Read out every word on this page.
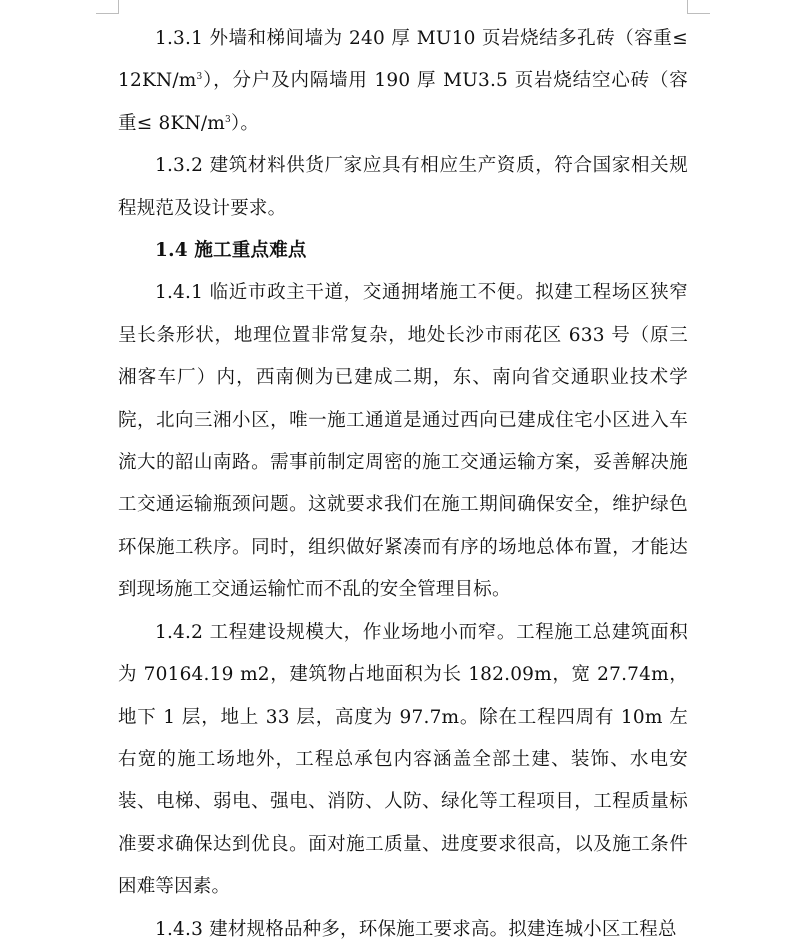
1.3.1 外墙和梯间墙为 240 厚 MU10 页岩烧结多孔砖（容重≤ $12KN/m^3$），分户及内隔墙用 190 厚 MU3.5 页岩烧结空心砖（容重≤ $8KN/m^3$）。

1.3.2 建筑材料供货厂家应具有相应生产资质，符合国家相关规程规范及设计要求。

1.4 施工重点难点

1.4.1 临近市政主干道，交通拥堵施工不便。拟建工程场区狭窄呈长条形状，地理位置非常复杂，地处长沙市雨花区 633 号（原三湘客车厂）内，西南侧为已建成二期，东、南向省交通职业技术学院，北向三湘小区，唯一施工通道是通过西向已建成住宅小区进入车流大的韶山南路。需事前制定周密的施工交通运输方案，妥善解决施工交通运输瓶颈问题。这就要求我们在施工期间确保安全，维护绿色环保施工秩序。同时，组织做好紧凑而有序的场地总体布置，才能达到现场施工交通运输忙而不乱的安全管理目标。

1.4.2 工程建设规模大，作业场地小而窄。工程施工总建筑面积为 70164.19 m2，建筑物占地面积为长 182.09m，宽 27.74m，地下 1 层，地上 33 层，高度为 97.7m。除在工程四周有 10m 左右宽的施工场地外，工程总承包内容涵盖全部土建、装饰、水电安装、电梯、弱电、强电、消防、人防、绿化等工程项目，工程质量标准要求确保达到优良。面对施工质量、进度要求很高，以及施工条件困难等因素。

1.4.3 建材规格品种多，环保施工要求高。拟建连城小区工程总
